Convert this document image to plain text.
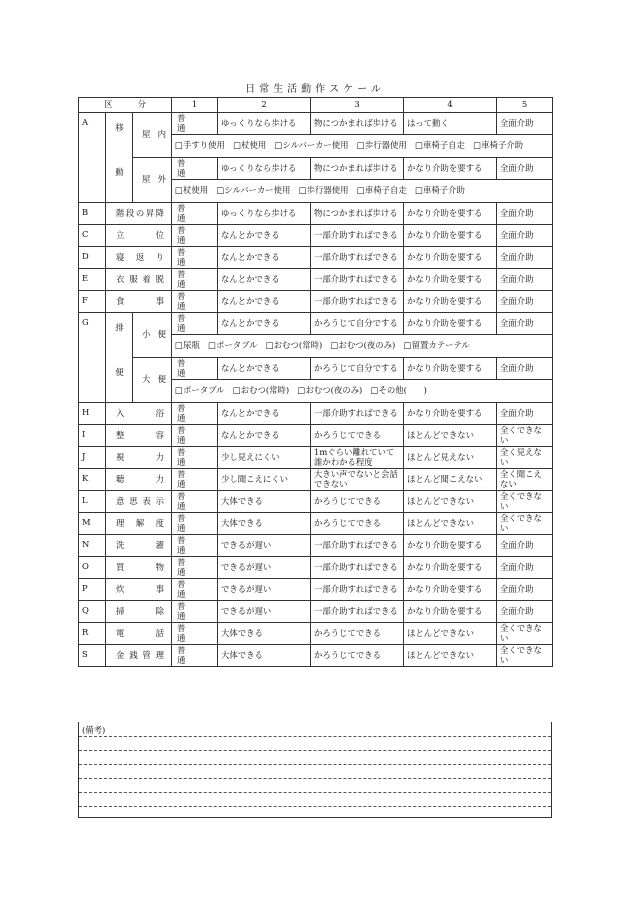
日常生活動作スケール
区　　　分			1	2	3	4	5
A	移　動	屋内	普　通	ゆっくりなら歩ける	物につかまれば歩ける	はって動く	全面介助
			□手すり使用　□杖使用　□シルバーカー使用　□歩行器使用　□車椅子自走　□車椅子介助				
		屋外	普　通	ゆっくりなら歩ける	物につかまれば歩ける	かなり介助を要する	全面介助
			□杖使用　□シルバーカー使用　□歩行器使用　□車椅子自走　□車椅子介助				
B	階段の昇降		普　通	ゆっくりなら歩ける	物につかまれば歩ける	かなり介助を要する	全面介助
C	立位		普　通	なんとかできる	一部介助すればできる	かなり介助を要する	全面介助
D	寝返り		普　通	なんとかできる	一部介助すればできる	かなり介助を要する	全面介助
E	衣服着脱		普　通	なんとかできる	一部介助すればできる	かなり介助を要する	全面介助
F	食事		普　通	なんとかできる	一部介助すればできる	かなり介助を要する	全面介助
G	排　便	小便	普　通	なんとかできる	かろうじて自分でする	かなり介助を要する	全面介助
			□尿瓶　□ポータブル　□おむつ(常時)　□おむつ(夜のみ)　□留置カテーテル				
		大便	普　通	なんとかできる	かろうじて自分でする	かなり介助を要する	全面介助
			□ポータブル　□おむつ(常時)　□おむつ(夜のみ)　□その他(　　)				
H	入浴		普　通	なんとかできる	一部介助すればできる	かなり介助を要する	全面介助
I	整容		普　通	なんとかできる	かろうじてできる	ほとんどできない	全くできない
J	視力		普　通	少し見えにくい	1mぐらい離れていて誰かわかる程度	ほとんど見えない	全く見えない
K	聴力		普　通	少し聞こえにくい	大きい声でないと会話できない	ほとんど聞こえない	全く聞こえない
L	意思表示		普　通	大体できる	かろうじてできる	ほとんどできない	全くできない
M	理解度		普　通	大体できる	かろうじてできる	ほとんどできない	全くできない
N	洗濯		普　通	できるが遅い	一部介助すればできる	かなり介助を要する	全面介助
O	買物		普　通	できるが遅い	一部介助すればできる	かなり介助を要する	全面介助
P	炊事		普　通	できるが遅い	一部介助すればできる	かなり介助を要する	全面介助
Q	掃除		普　通	できるが遅い	一部介助すればできる	かなり介助を要する	全面介助
R	電話		普　通	大体できる	かろうじてできる	ほとんどできない	全くできない
S	金銭管理		普　通	大体できる	かろうじてできる	ほとんどできない	全くできない
(備考)
